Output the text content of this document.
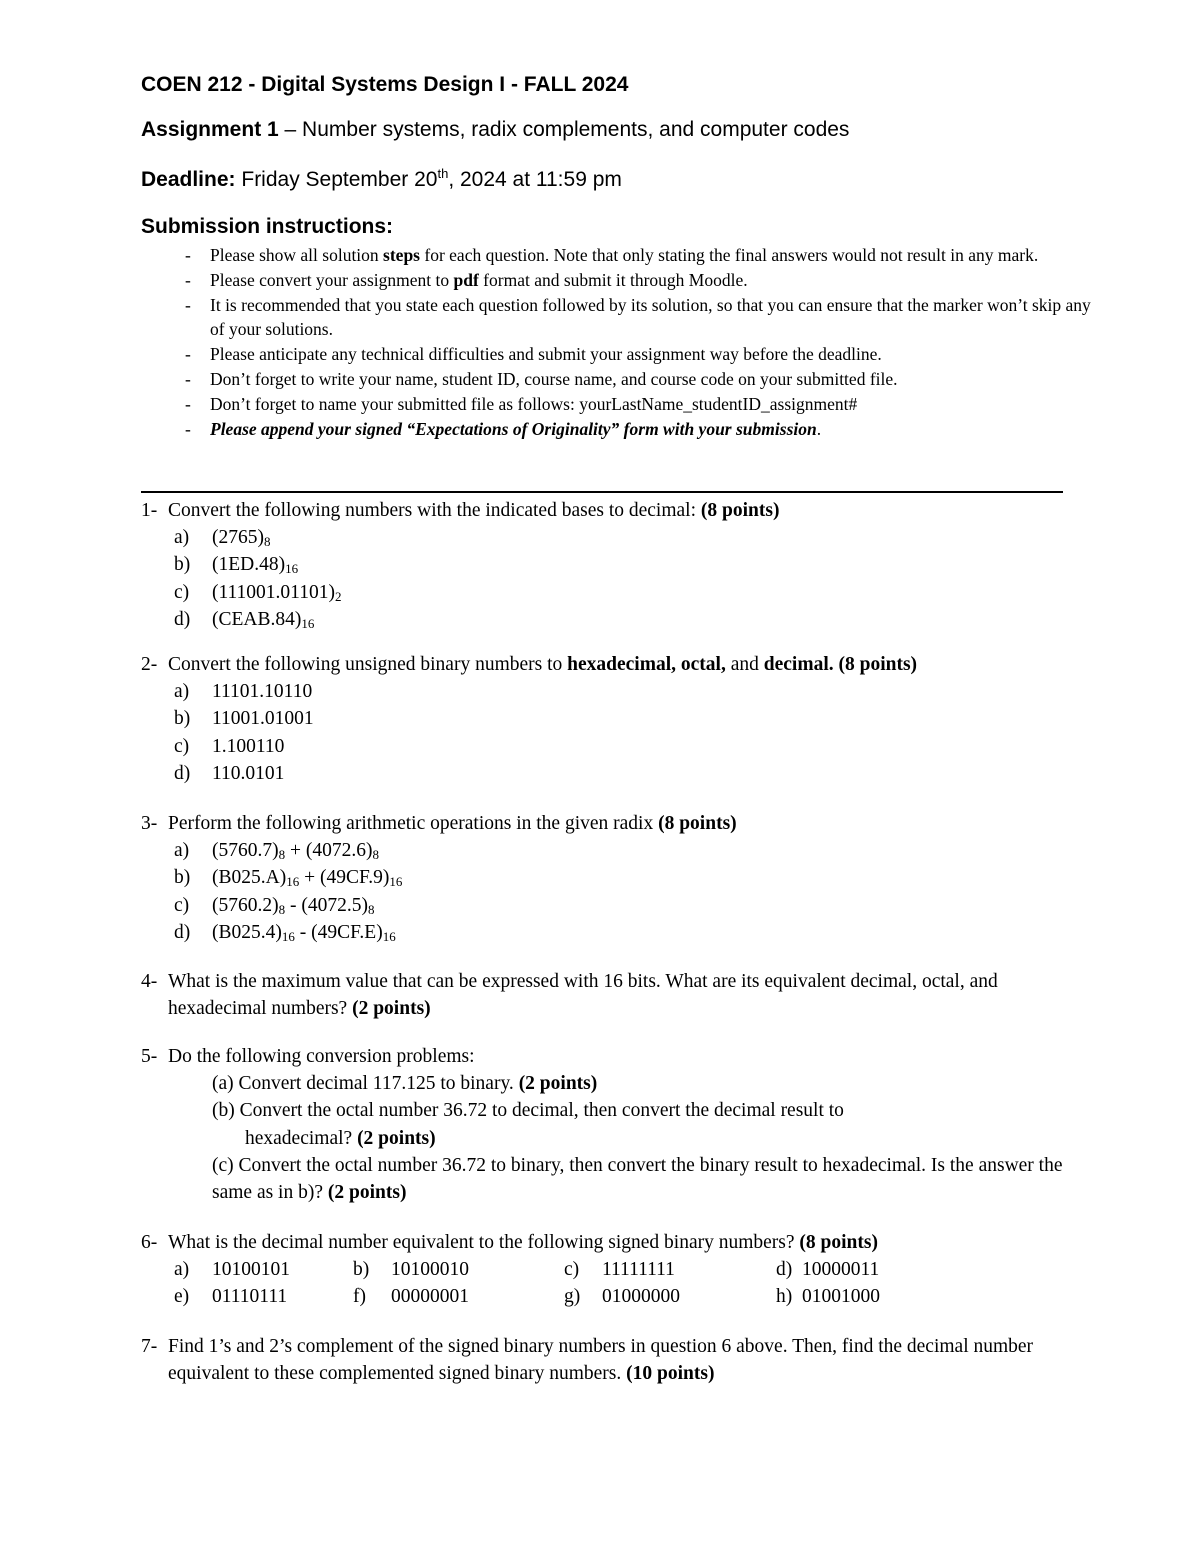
COEN 212 - Digital Systems Design I - FALL 2024
Assignment 1 – Number systems, radix complements, and computer codes
Deadline: Friday September 20th, 2024 at 11:59 pm
Submission instructions:
- Please show all solution steps for each question. Note that only stating the final answers would not result in any mark.
- Please convert your assignment to pdf format and submit it through Moodle.
- It is recommended that you state each question followed by its solution, so that you can ensure that the marker won’t skip any of your solutions.
- Please anticipate any technical difficulties and submit your assignment way before the deadline.
- Don’t forget to write your name, student ID, course name, and course code on your submitted file.
- Don’t forget to name your submitted file as follows: yourLastName_studentID_assignment#
- Please append your signed “Expectations of Originality” form with your submission.
1- Convert the following numbers with the indicated bases to decimal: (8 points)
a) $(2765)_8$
b) $(1ED.48)_{16}$
c) $(111001.01101)_2$
d) $(CEAB.84)_{16}$
2- Convert the following unsigned binary numbers to hexadecimal, octal, and decimal. (8 points)
a) 11101.10110
b) 11001.01001
c) 1.100110
d) 110.0101
3- Perform the following arithmetic operations in the given radix (8 points)
a) $(5760.7)_8 + (4072.6)_8$
b) $(B025.A)_{16} + (49CF.9)_{16}$
c) $(5760.2)_8 - (4072.5)_8$
d) $(B025.4)_{16} - (49CF.E)_{16}$
4- What is the maximum value that can be expressed with 16 bits. What are its equivalent decimal, octal, and hexadecimal numbers? (2 points)
5- Do the following conversion problems:
(a) Convert decimal 117.125 to binary. (2 points)
(b) Convert the octal number 36.72 to decimal, then convert the decimal result to
hexadecimal? (2 points)
(c) Convert the octal number 36.72 to binary, then convert the binary result to hexadecimal. Is the answer the same as in b)? (2 points)
6- What is the decimal number equivalent to the following signed binary numbers? (8 points)
a) 10100101	b) 10100010	c) 11111111	d) 10000011
e) 01110111	f) 00000001	g) 01000000	h) 01001000
7- Find 1’s and 2’s complement of the signed binary numbers in question 6 above. Then, find the decimal number equivalent to these complemented signed binary numbers. (10 points)
